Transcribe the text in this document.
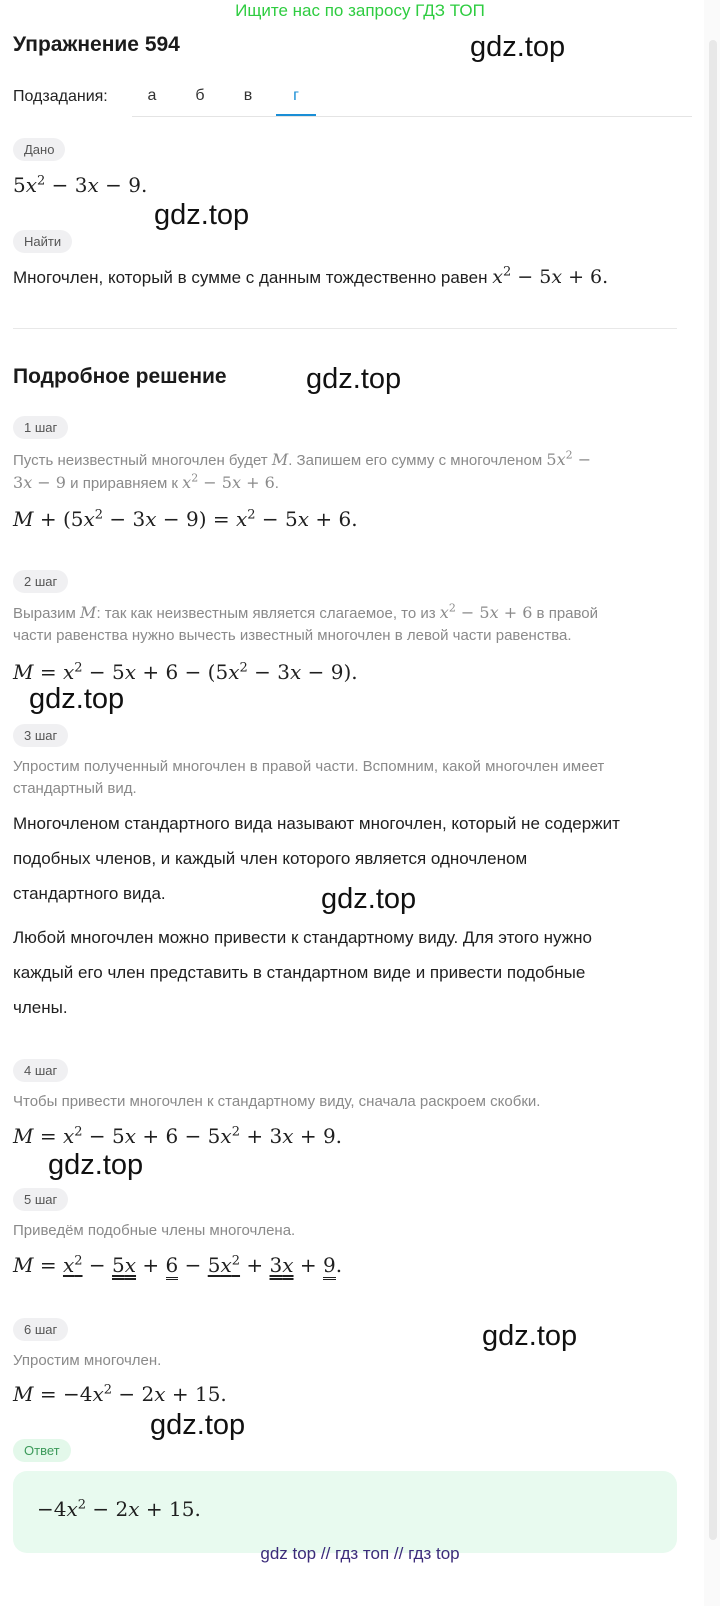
Ищите нас по запросу ГДЗ ТОП
Упражнение 594	gdz.top
Подзадания:	а	б	в	г
Дано
$5x^2 - 3x - 9$.
gdz.top
Найти
Многочлен, который в сумме с данным тождественно равен $x^2 - 5x + 6$.
Подробное решение	gdz.top
1 шаг
Пусть неизвестный многочлен будет M. Запишем его сумму с многочленом $5x^2$ −
3x − 9 и приравняем к $x^2 - 5x + 6$.
$M + (5x^2 - 3x - 9) = x^2 - 5x + 6$.
2 шаг
Выразим M: так как неизвестным является слагаемое, то из $x^2 - 5x + 6$ в правой
части равенства нужно вычесть известный многочлен в левой части равенства.
$M = x^2 - 5x + 6 - (5x^2 - 3x - 9)$.
gdz.top
3 шаг
Упростим полученный многочлен в правой части. Вспомним, какой многочлен имеет
стандартный вид.
Многочленом стандартного вида называют многочлен, который не содержит
подобных членов, и каждый член которого является одночленом
стандартного вида.	gdz.top
Любой многочлен можно привести к стандартному виду. Для этого нужно
каждый его член представить в стандартном виде и привести подобные
члены.
4 шаг
Чтобы привести многочлен к стандартному виду, сначала раскроем скобки.
$M = x^2 - 5x + 6 - 5x^2 + 3x + 9$.
gdz.top
5 шаг
Приведём подобные члены многочлена.
$M = x^2 - 5x + 6 - 5x^2 + 3x + 9$.
6 шаг	gdz.top
Упростим многочлен.
$M = -4x^2 - 2x + 15$.
gdz.top
Ответ
$-4x^2 - 2x + 15$.
gdz top // гдз топ // гдз top
